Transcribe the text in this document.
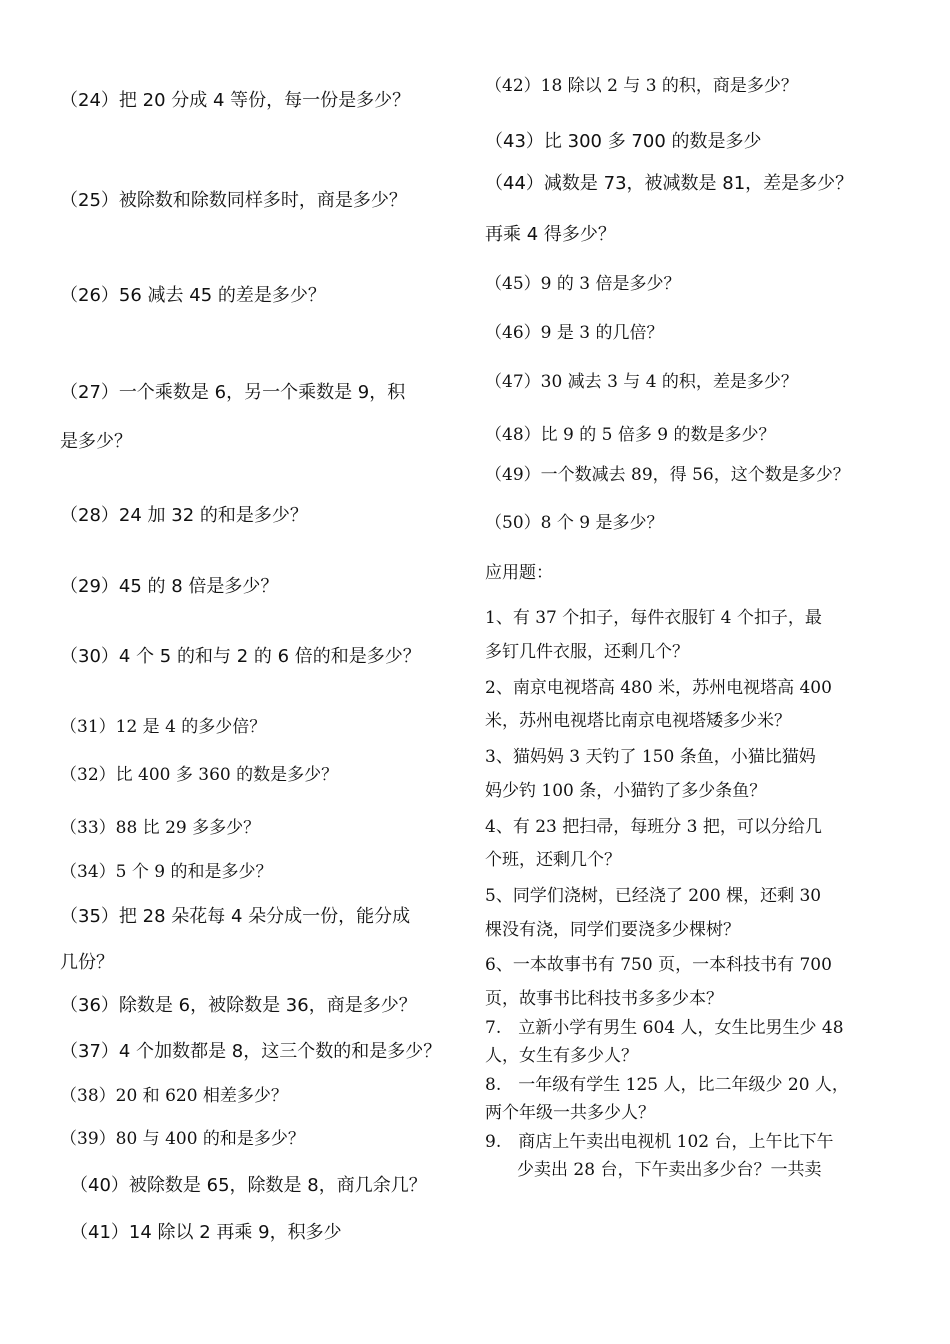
（24）把 20 分成 4 等份，每一份是多少？
（25）被除数和除数同样多时，商是多少？
（26）56 减去 45 的差是多少？
（27）一个乘数是 6，另一个乘数是 9，积
是多少？
（28）24 加 32 的和是多少？
（29）45 的 8 倍是多少？
（30）4 个 5 的和与 2 的 6 倍的和是多少？
（31）12 是 4 的多少倍？
（32）比 400 多 360 的数是多少？
（33）88 比 29 多多少？
（34）5 个 9 的和是多少？
（35）把 28 朵花每 4 朵分成一份，能分成
几份？
（36）除数是 6，被除数是 36，商是多少？
（37）4 个加数都是 8，这三个数的和是多少？
（38）20 和 620 相差多少？
（39）80 与 400 的和是多少？
（40）被除数是 65，除数是 8，商几余几？
（41）14 除以 2 再乘 9，积多少
（42）18 除以 2 与 3 的积，商是多少？
（43）比 300 多 700 的数是多少
（44）减数是 73，被减数是 81，差是多少？
再乘 4 得多少？
（45）9 的 3 倍是多少？
（46）9 是 3 的几倍？
（47）30 减去 3 与 4 的积，差是多少？
（48）比 9 的 5 倍多 9 的数是多少？
（49）一个数减去 89，得 56，这个数是多少？
（50）8 个 9 是多少？
应用题：
1、有 37 个扣子，每件衣服钉 4 个扣子，最
多钉几件衣服，还剩几个？
2、南京电视塔高 480 米，苏州电视塔高 400
米，苏州电视塔比南京电视塔矮多少米？
3、猫妈妈 3 天钓了 150 条鱼，小猫比猫妈
妈少钓 100 条，小猫钓了多少条鱼？
4、有 23 把扫帚，每班分 3 把，可以分给几
个班，还剩几个？
5、同学们浇树，已经浇了 200 棵，还剩 30
棵没有浇，同学们要浇多少棵树？
6、一本故事书有 750 页，一本科技书有 700
页，故事书比科技书多多少本？
7.　立新小学有男生 604 人，女生比男生少 48
人，女生有多少人？
8.　一年级有学生 125 人，比二年级少 20 人，
两个年级一共多少人？
9.　商店上午卖出电视机 102 台，上午比下午
少卖出 28 台，下午卖出多少台？一共卖
